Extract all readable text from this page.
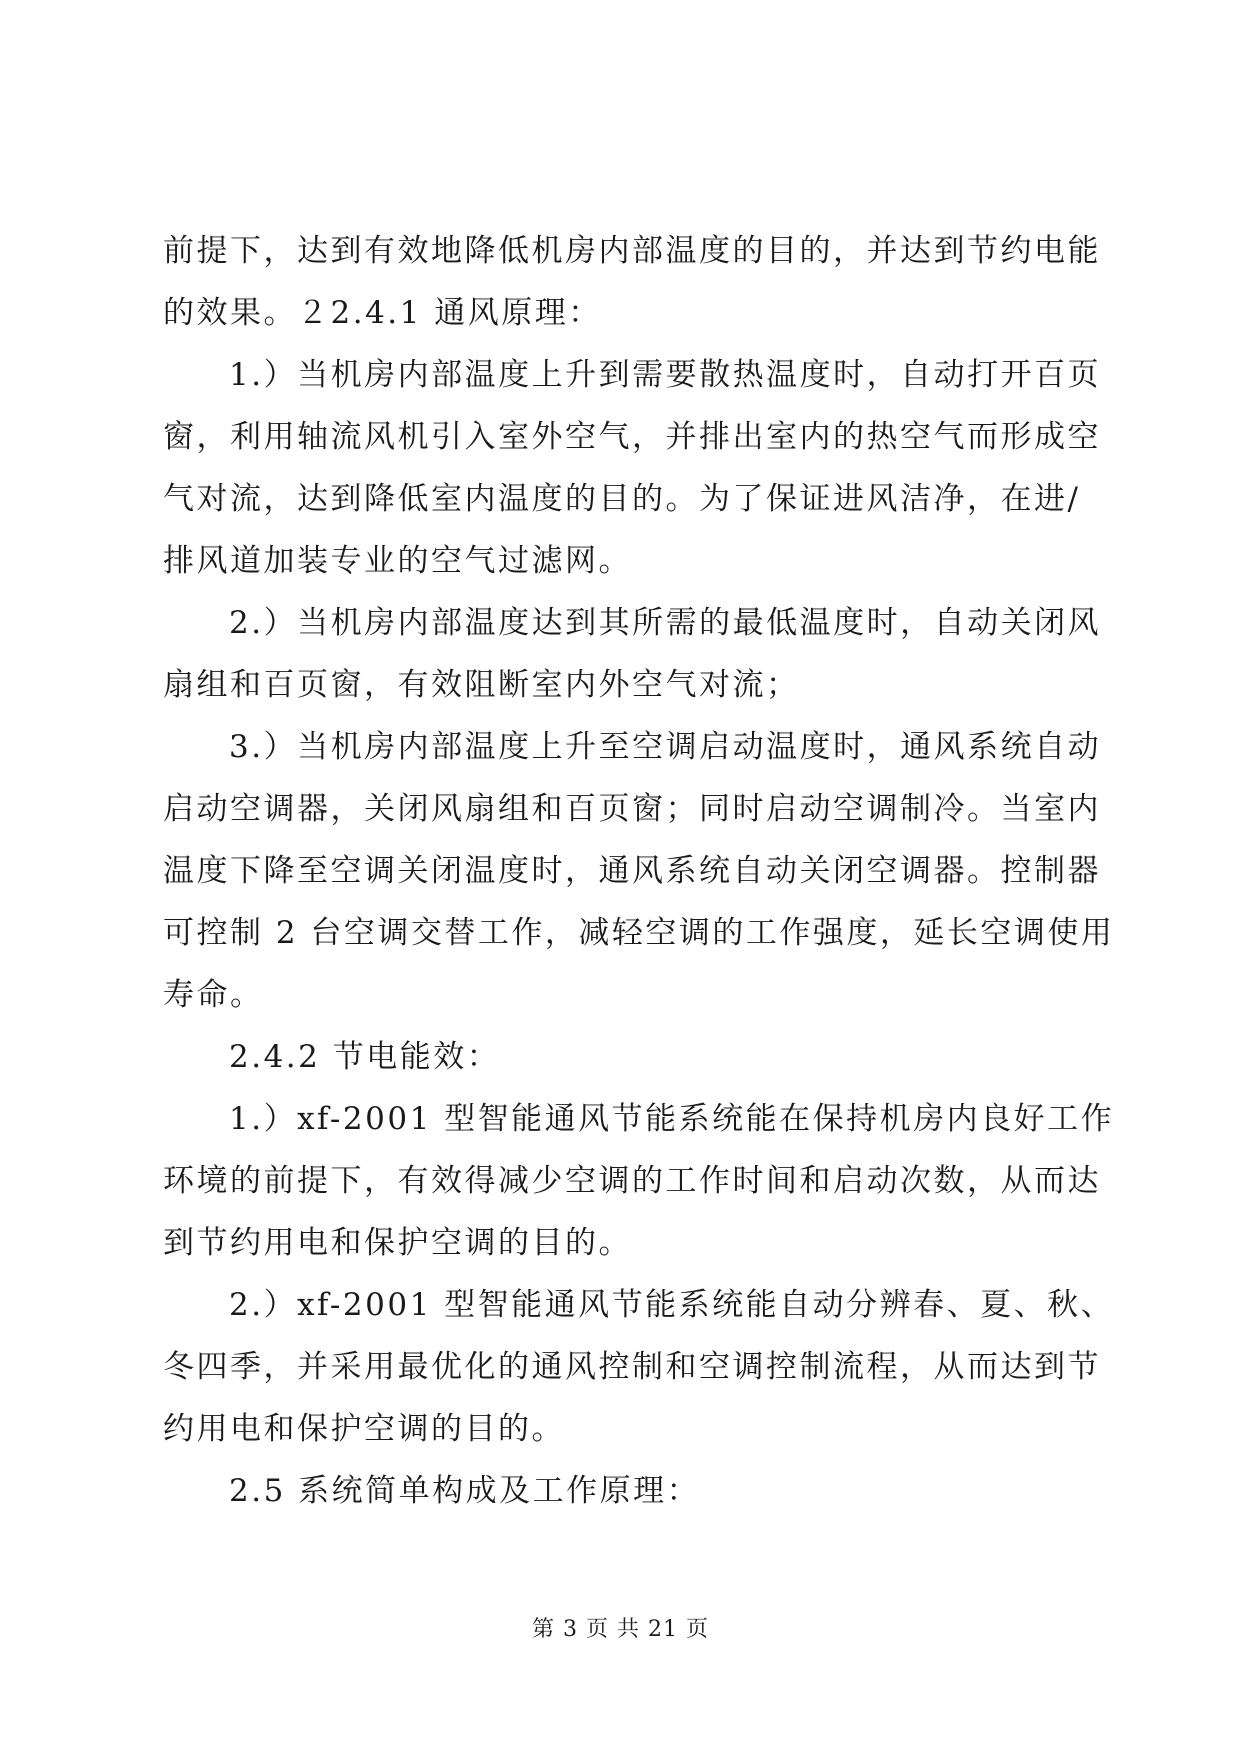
前提下，达到有效地降低机房内部温度的目的，并达到节约电能
的效果。２2.4.1 通风原理：
1.）当机房内部温度上升到需要散热温度时，自动打开百页
窗，利用轴流风机引入室外空气，并排出室内的热空气而形成空
气对流，达到降低室内温度的目的。为了保证进风洁净，在进/
排风道加装专业的空气过滤网。
2.）当机房内部温度达到其所需的最低温度时，自动关闭风
扇组和百页窗，有效阻断室内外空气对流；
3.）当机房内部温度上升至空调启动温度时，通风系统自动
启动空调器，关闭风扇组和百页窗；同时启动空调制冷。当室内
温度下降至空调关闭温度时，通风系统自动关闭空调器。控制器
可控制 2 台空调交替工作，减轻空调的工作强度，延长空调使用
寿命。
2.4.2 节电能效：
1.）xf-2001 型智能通风节能系统能在保持机房内良好工作
环境的前提下，有效得减少空调的工作时间和启动次数，从而达
到节约用电和保护空调的目的。
2.）xf-2001 型智能通风节能系统能自动分辨春、夏、秋、
冬四季，并采用最优化的通风控制和空调控制流程，从而达到节
约用电和保护空调的目的。
2.5 系统简单构成及工作原理：
第 3 页 共 21 页
